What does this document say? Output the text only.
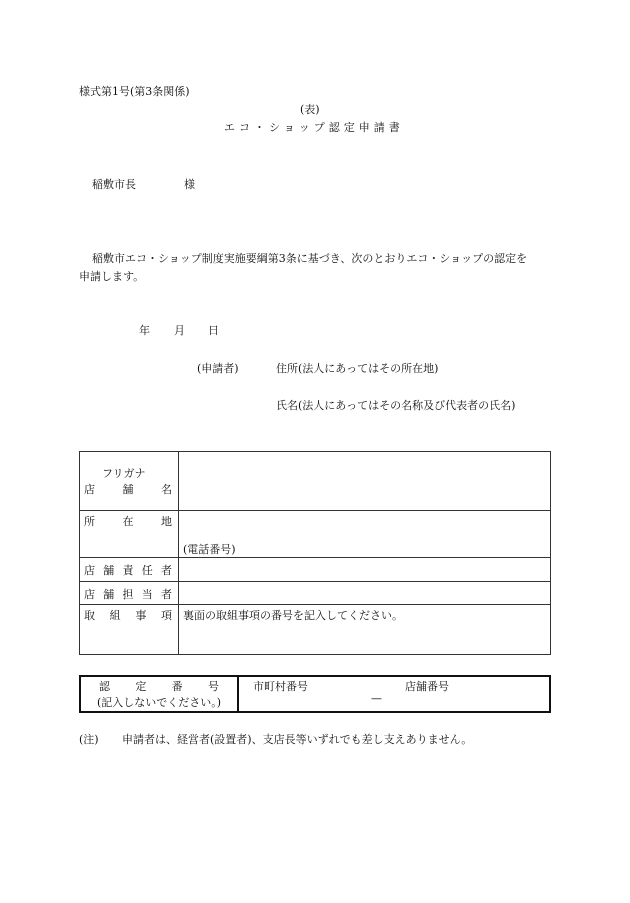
様式第1号(第3条関係)
(表)
エコ・ショップ認定申請書
稲敷市長	様
稲敷市エコ・ショップ制度実施要綱第3条に基づき、次のとおりエコ・ショップの認定を
申請します。
年 月 日
(申請者)	住所(法人にあってはその所在地)
氏名(法人にあってはその名称及び代表者の氏名)
フリガナ
店 舗 名	

所 在 地	(電話番号)

店 舗 責 任 者	

店 舗 担 当 者	

取 組 事 項	裏面の取組事項の番号を記入してください。
認 定 番 号
(記入しないでください。)

市町村番号	店舗番号
—
(注) 申請者は、経営者(設置者)、支店長等いずれでも差し支えありません。
